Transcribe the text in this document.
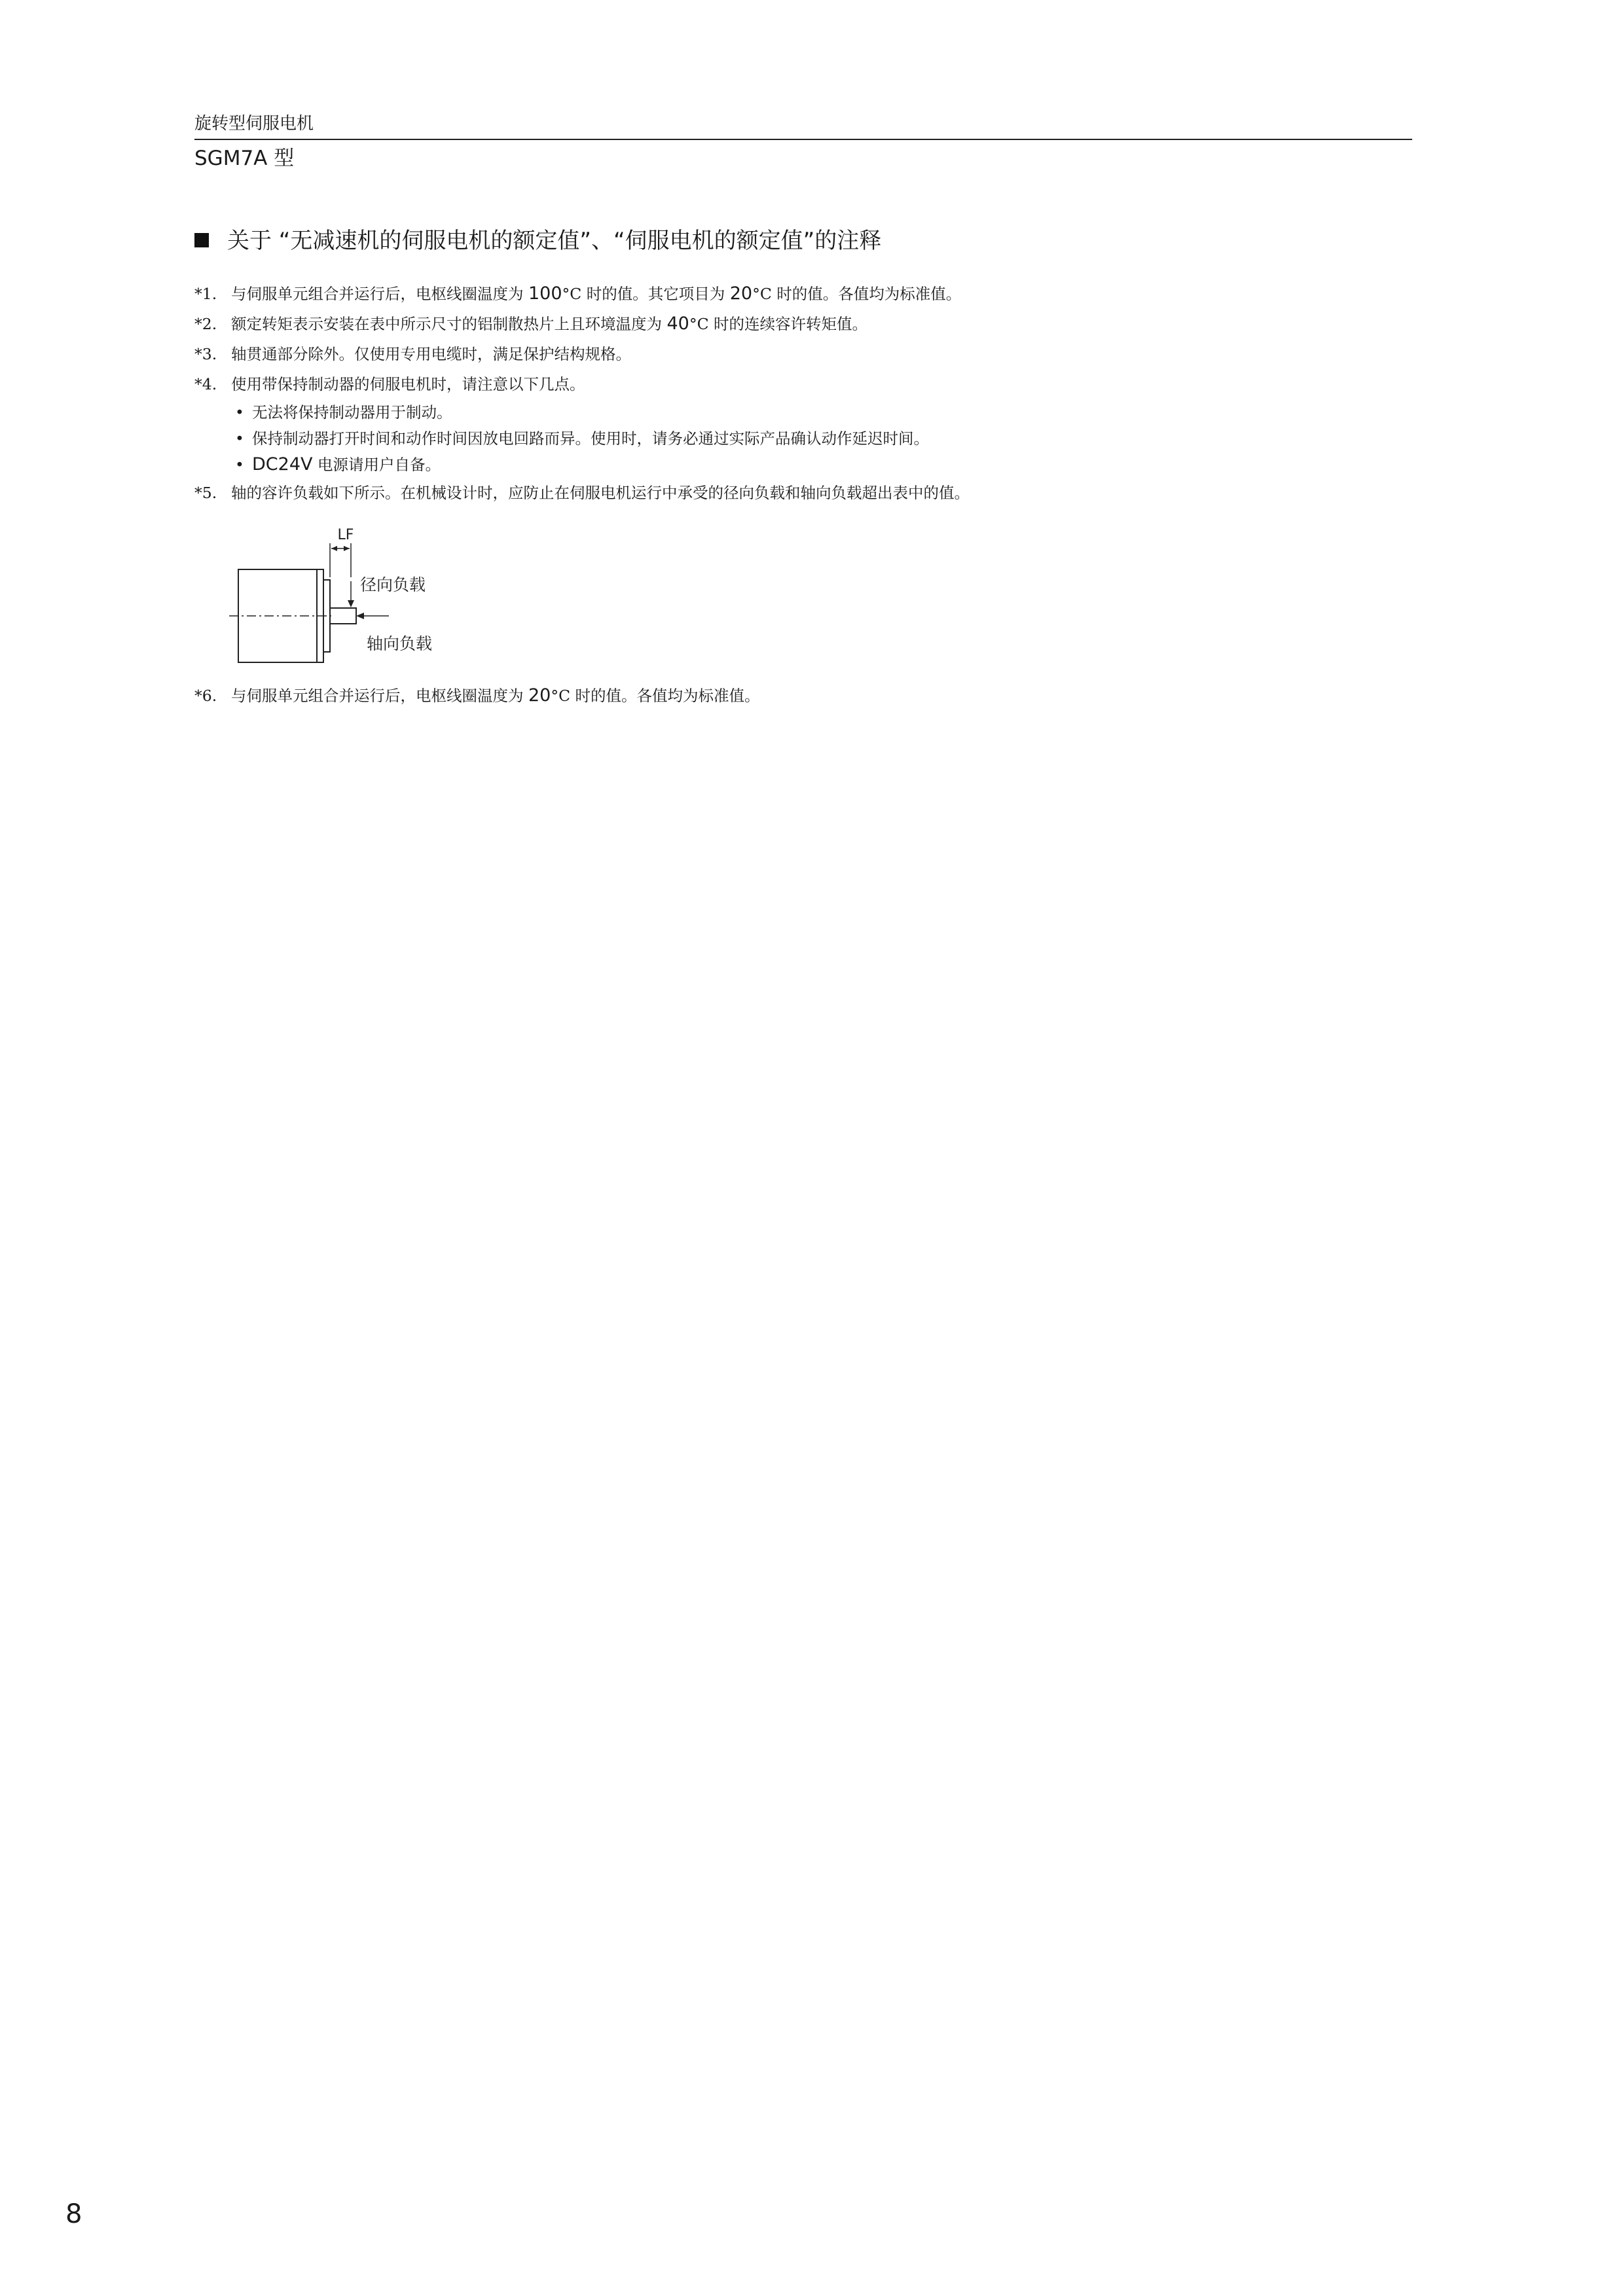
旋转型伺服电机
SGM7A 型
关于 “无减速机的伺服电机的额定值”、“伺服电机的额定值”的注释
*1. 与伺服单元组合并运行后，电枢线圈温度为 100°C 时的值。其它项目为 20°C 时的值。各值均为标准值。
*2. 额定转矩表示安装在表中所示尺寸的铝制散热片上且环境温度为 40°C 时的连续容许转矩值。
*3. 轴贯通部分除外。仅使用专用电缆时，满足保护结构规格。
*4. 使用带保持制动器的伺服电机时，请注意以下几点。
• 无法将保持制动器用于制动。
• 保持制动器打开时间和动作时间因放电回路而异。使用时，请务必通过实际产品确认动作延迟时间。
• DC24V 电源请用户自备。
*5. 轴的容许负载如下所示。在机械设计时，应防止在伺服电机运行中承受的径向负载和轴向负载超出表中的值。
LF
径向负载
轴向负载
*6. 与伺服单元组合并运行后，电枢线圈温度为 20°C 时的值。各值均为标准值。
8
